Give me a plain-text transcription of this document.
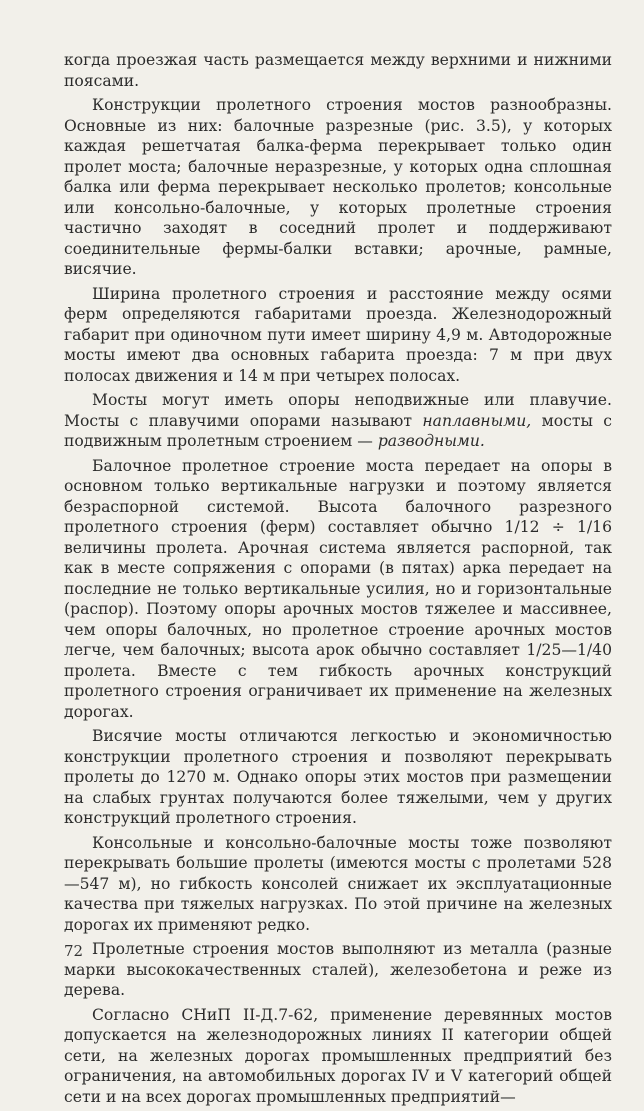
когда проезжая часть размещается между верхними и нижними поясами.

Конструкции пролетного строения мостов разнообразны. Основные из них: балочные разрезные (рис. 3.5), у которых каждая решетчатая балка-ферма перекрывает только один пролет моста; балочные неразрезные, у которых одна сплошная балка или ферма перекрывает несколько пролетов; консольные или консольно-балочные, у которых пролетные строения частично заходят в соседний пролет и поддерживают соединительные фермы-балки вставки; арочные, рамные, висячие.

Ширина пролетного строения и расстояние между осями ферм определяются габаритами проезда. Железнодорожный габарит при одиночном пути имеет ширину 4,9 м. Автодорожные мосты имеют два основных габарита проезда: 7 м при двух полосах движения и 14 м при четырех полосах.

Мосты могут иметь опоры неподвижные или плавучие. Мосты с плавучими опорами называют наплавными, мосты с подвижным пролетным строением — разводными.

Балочное пролетное строение моста передает на опоры в основном только вертикальные нагрузки и поэтому является безраспорной системой. Высота балочного разрезного пролетного строения (ферм) составляет обычно 1/12 ÷ 1/16 величины пролета. Арочная система является распорной, так как в месте сопряжения с опорами (в пятах) арка передает на последние не только вертикальные усилия, но и горизонтальные (распор). Поэтому опоры арочных мостов тяжелее и массивнее, чем опоры балочных, но пролетное строение арочных мостов легче, чем балочных; высота арок обычно составляет 1/25—1/40 пролета. Вместе с тем гибкость арочных конструкций пролетного строения ограничивает их применение на железных дорогах.

Висячие мосты отличаются легкостью и экономичностью конструкции пролетного строения и позволяют перекрывать пролеты до 1270 м. Однако опоры этих мостов при размещении на слабых грунтах получаются более тяжелыми, чем у других конструкций пролетного строения.

Консольные и консольно-балочные мосты тоже позволяют перекрывать большие пролеты (имеются мосты с пролетами 528—547 м), но гибкость консолей снижает их эксплуатационные качества при тяжелых нагрузках. По этой причине на железных дорогах их применяют редко.

Пролетные строения мостов выполняют из металла (разные марки высококачественных сталей), железобетона и реже из дерева.

Согласно СНиП II-Д.7-62, применение деревянных мостов допускается на железнодорожных линиях II категории общей сети, на железных дорогах промышленных предприятий без ограничения, на автомобильных дорогах IV и V категорий общей сети и на всех дорогах промышленных предприятий—

72
